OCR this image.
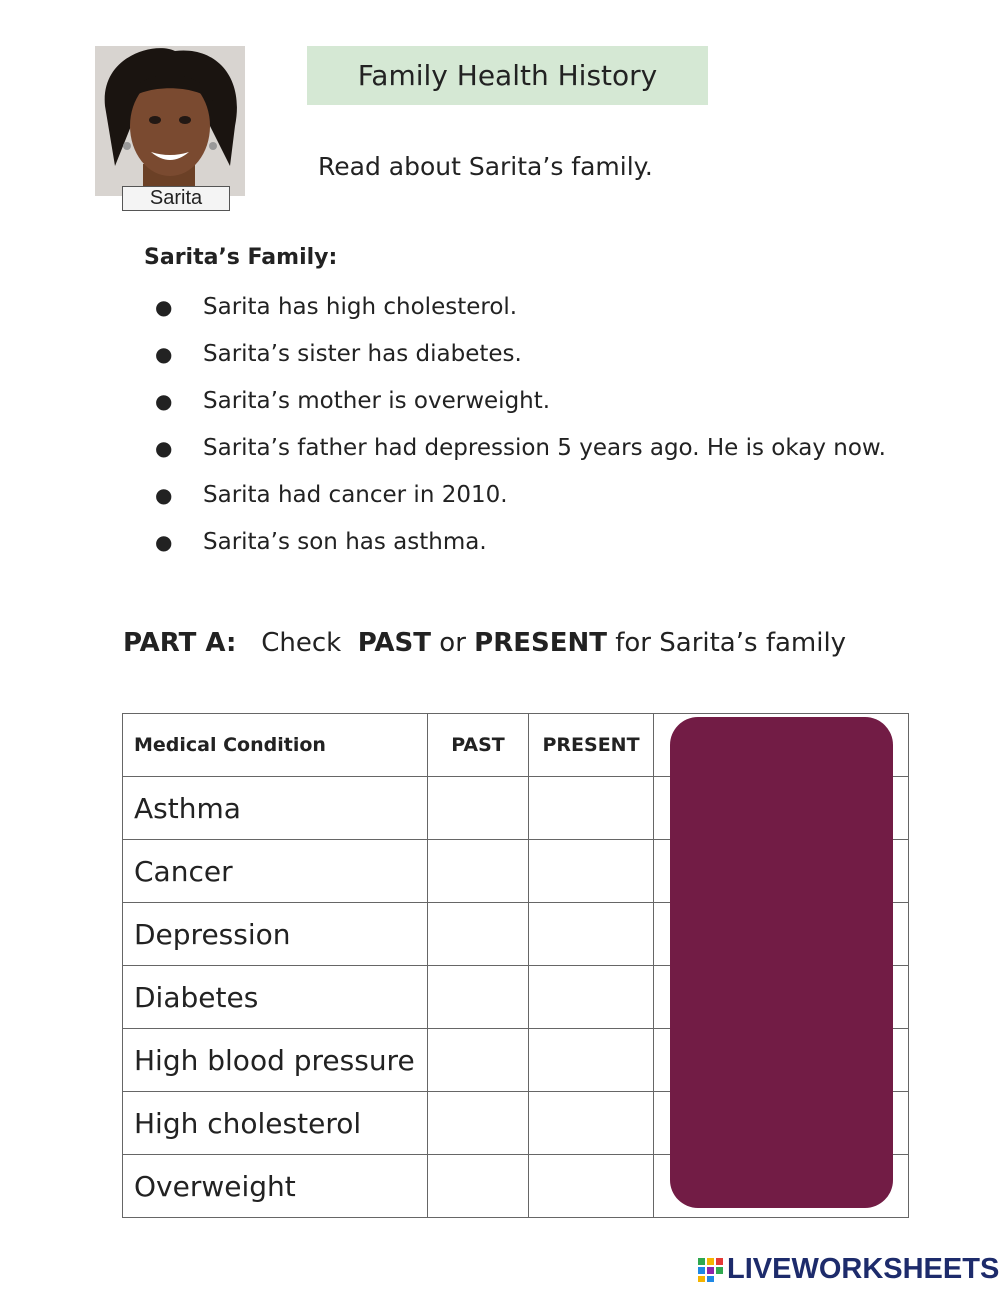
Sarita
Family Health History
Read about Sarita’s family.
Sarita’s Family:
● Sarita has high cholesterol.
● Sarita’s sister has diabetes.
● Sarita’s mother is overweight.
● Sarita’s father had depression 5 years ago. He is okay now.
● Sarita had cancer in 2010.
● Sarita’s son has asthma.
PART A: Check PAST or PRESENT for Sarita’s family
Medical Condition	PAST	PRESENT	
Asthma			
Cancer			
Depression			
Diabetes			
High blood pressure			
High cholesterol			
Overweight			
LIVEWORKSHEETS
